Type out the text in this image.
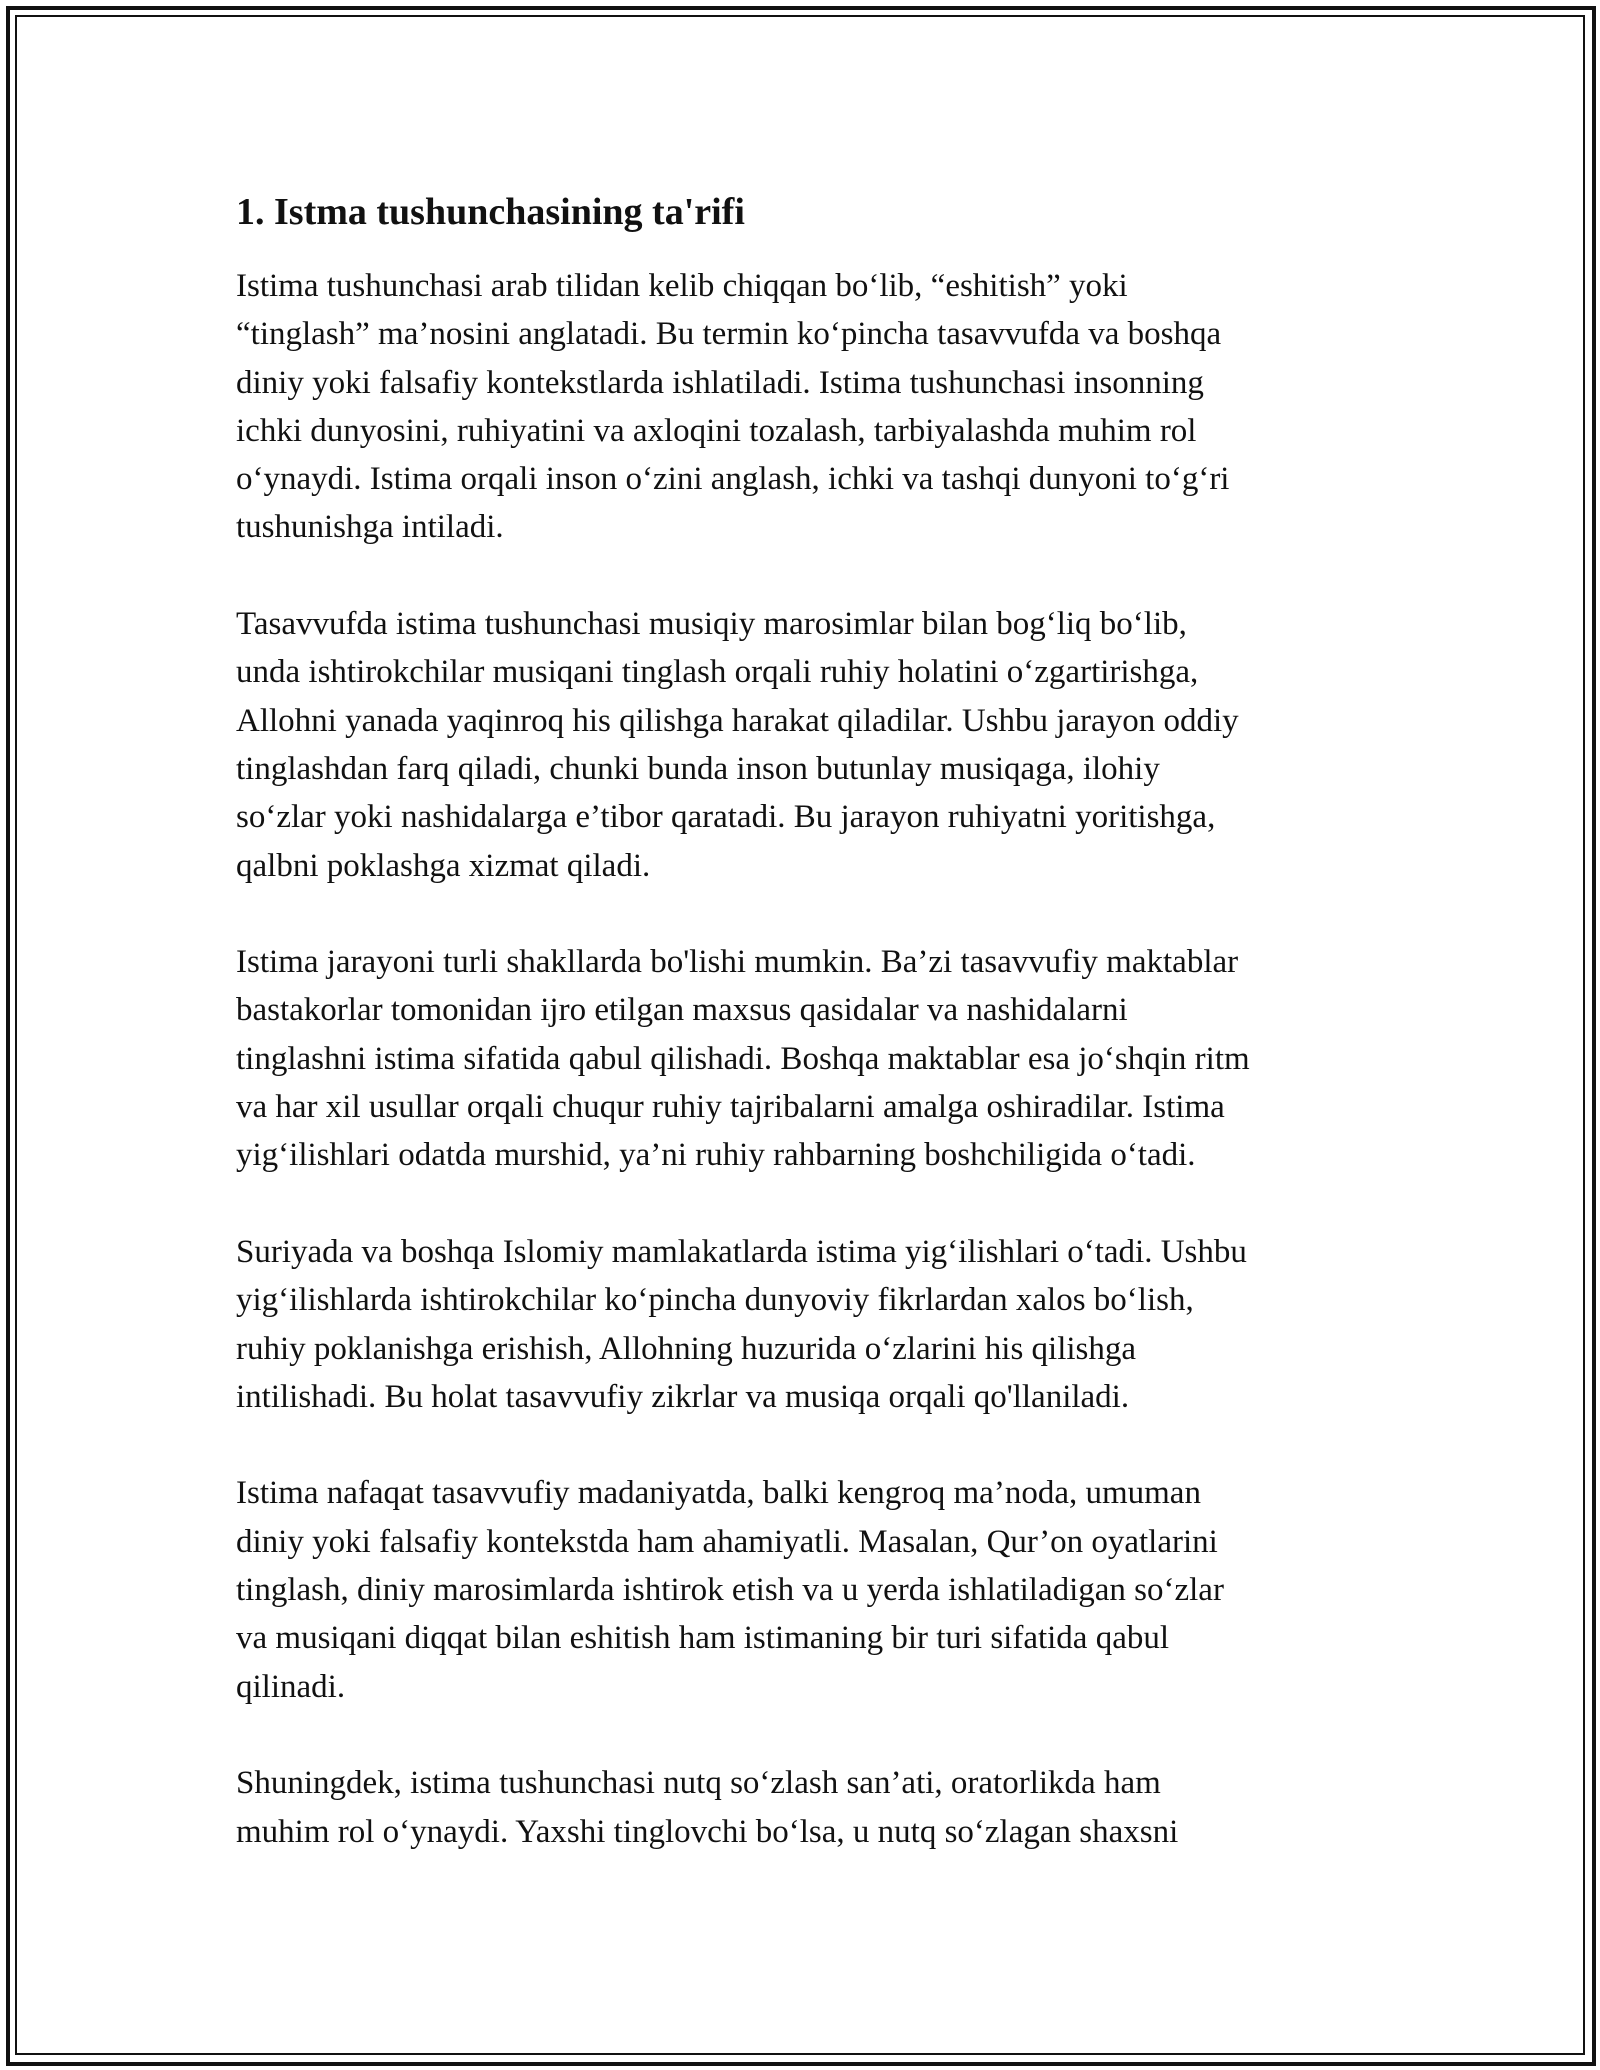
1. Istma tushunchasining ta'rifi

Istima tushunchasi arab tilidan kelib chiqqan bo‘lib, “eshitish” yoki
“tinglash” ma’nosini anglatadi. Bu termin ko‘pincha tasavvufda va boshqa
diniy yoki falsafiy kontekstlarda ishlatiladi. Istima tushunchasi insonning
ichki dunyosini, ruhiyatini va axloqini tozalash, tarbiyalashda muhim rol
o‘ynaydi. Istima orqali inson o‘zini anglash, ichki va tashqi dunyoni to‘g‘ri
tushunishga intiladi.

Tasavvufda istima tushunchasi musiqiy marosimlar bilan bog‘liq bo‘lib,
unda ishtirokchilar musiqani tinglash orqali ruhiy holatini o‘zgartirishga,
Allohni yanada yaqinroq his qilishga harakat qiladilar. Ushbu jarayon oddiy
tinglashdan farq qiladi, chunki bunda inson butunlay musiqaga, ilohiy
so‘zlar yoki nashidalarga e’tibor qaratadi. Bu jarayon ruhiyatni yoritishga,
qalbni poklashga xizmat qiladi.

Istima jarayoni turli shakllarda bo'lishi mumkin. Ba’zi tasavvufiy maktablar
bastakorlar tomonidan ijro etilgan maxsus qasidalar va nashidalarni
tinglashni istima sifatida qabul qilishadi. Boshqa maktablar esa jo‘shqin ritm
va har xil usullar orqali chuqur ruhiy tajribalarni amalga oshiradilar. Istima
yig‘ilishlari odatda murshid, ya’ni ruhiy rahbarning boshchiligida o‘tadi.

Suriyada va boshqa Islomiy mamlakatlarda istima yig‘ilishlari o‘tadi. Ushbu
yig‘ilishlarda ishtirokchilar ko‘pincha dunyoviy fikrlardan xalos bo‘lish,
ruhiy poklanishga erishish, Allohning huzurida o‘zlarini his qilishga
intilishadi. Bu holat tasavvufiy zikrlar va musiqa orqali qo'llaniladi.

Istima nafaqat tasavvufiy madaniyatda, balki kengroq ma’noda, umuman
diniy yoki falsafiy kontekstda ham ahamiyatli. Masalan, Qur’on oyatlarini
tinglash, diniy marosimlarda ishtirok etish va u yerda ishlatiladigan so‘zlar
va musiqani diqqat bilan eshitish ham istimaning bir turi sifatida qabul
qilinadi.

Shuningdek, istima tushunchasi nutq so‘zlash san’ati, oratorlikda ham
muhim rol o‘ynaydi. Yaxshi tinglovchi bo‘lsa, u nutq so‘zlagan shaxsni
